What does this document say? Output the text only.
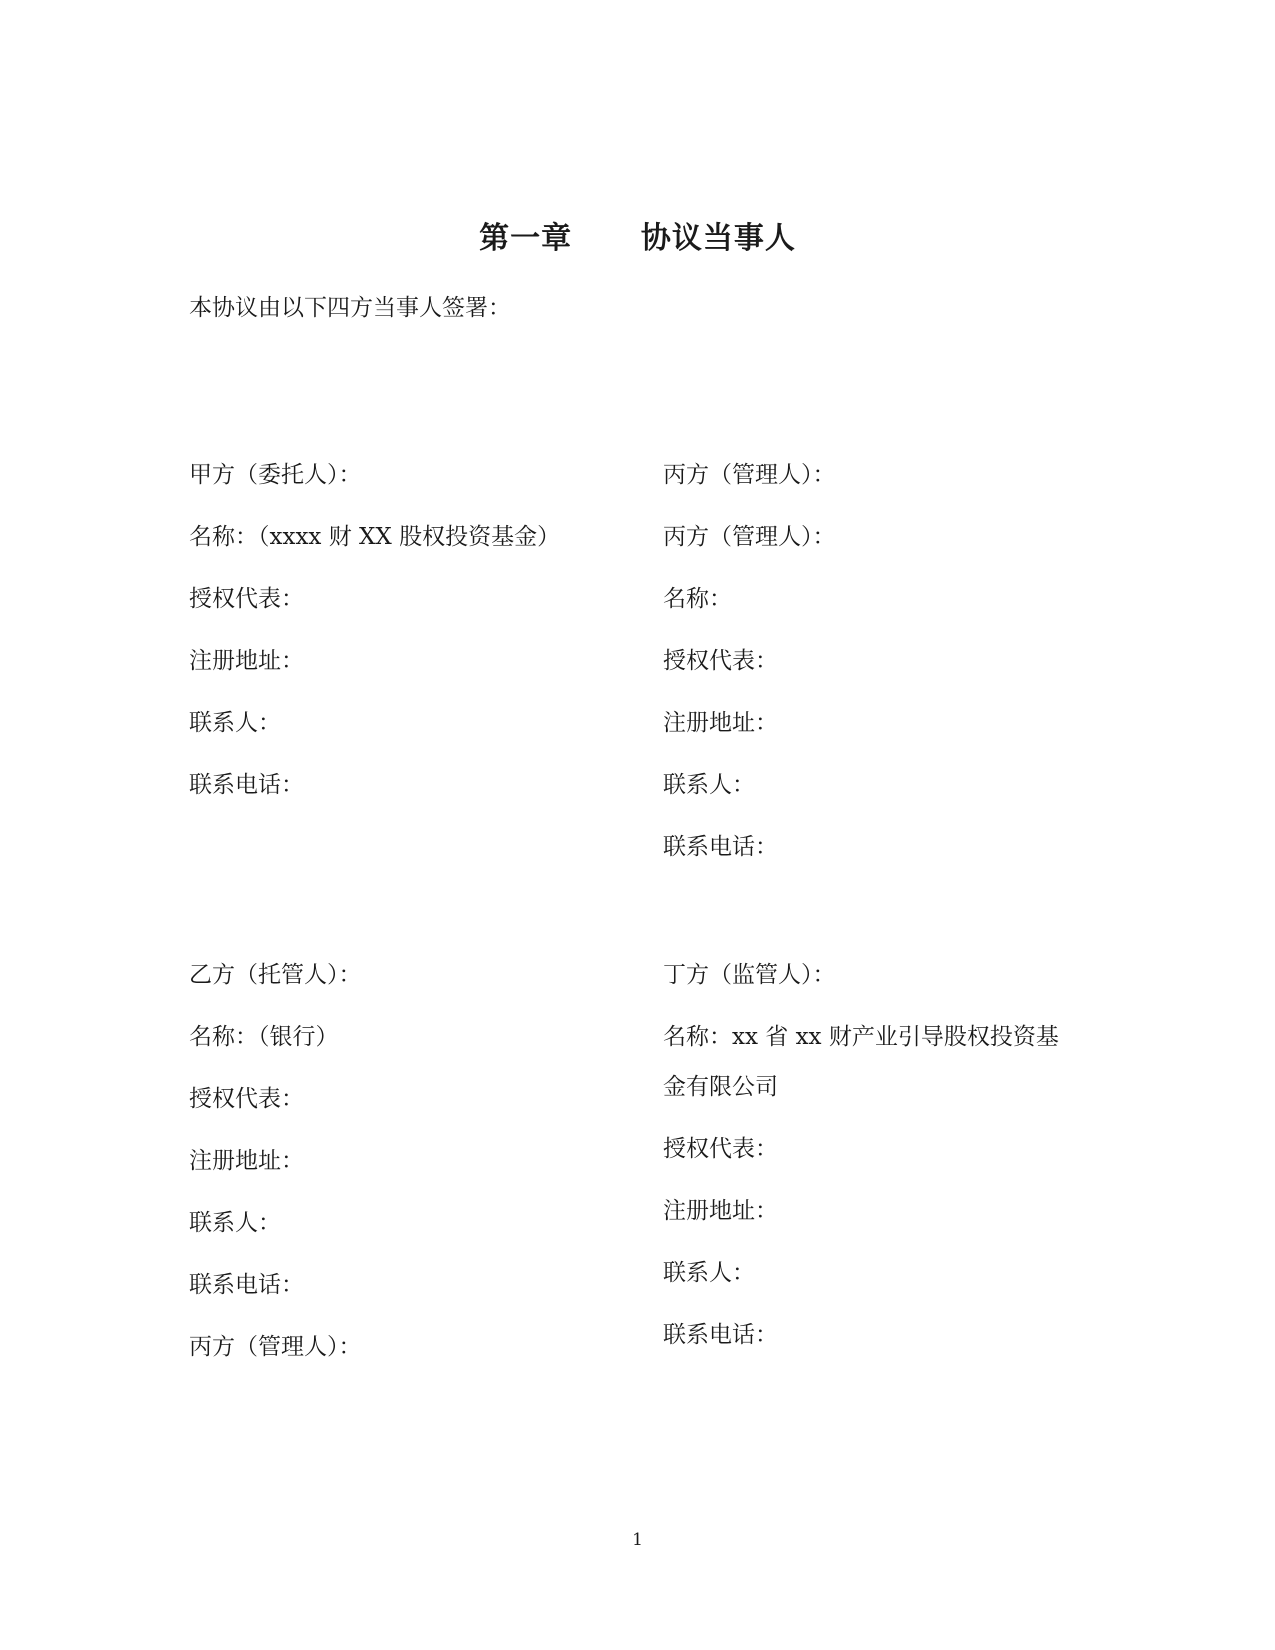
第一章      协议当事人
本协议由以下四方当事人签署：
甲方（委托人）：
名称：（xxxx 财 XX 股权投资基金）
授权代表：
注册地址：
联系人：
联系电话：
丙方（管理人）：
丙方（管理人）：
名称：
授权代表：
注册地址：
联系人：
联系电话：
乙方（托管人）：
名称：（银行）
授权代表：
注册地址：
联系人：
联系电话：
丙方（管理人）：
丁方（监管人）：
名称：xx 省 xx 财产业引导股权投资基
金有限公司
授权代表：
注册地址：
联系人：
联系电话：
1
